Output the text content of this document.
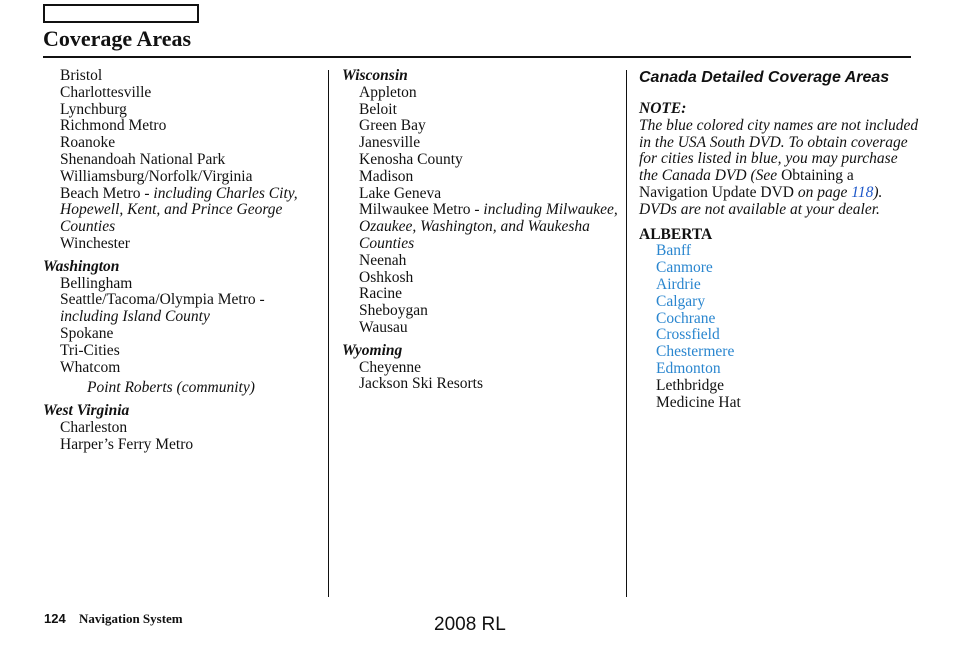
Coverage Areas
Bristol
Charlottesville
Lynchburg
Richmond Metro
Roanoke
Shenandoah National Park
Williamsburg/Norfolk/Virginia
Beach Metro - including Charles City, Hopewell, Kent, and Prince George Counties
Winchester
Washington
Bellingham
Seattle/Tacoma/Olympia Metro - including Island County
Spokane
Tri-Cities
Whatcom
Point Roberts (community)
West Virginia
Charleston
Harper’s Ferry Metro
Wisconsin
Appleton
Beloit
Green Bay
Janesville
Kenosha County
Madison
Lake Geneva
Milwaukee Metro - including Milwaukee, Ozaukee, Washington, and Waukesha Counties
Neenah
Oshkosh
Racine
Sheboygan
Wausau
Wyoming
Cheyenne
Jackson Ski Resorts
Canada Detailed Coverage Areas
NOTE:
The blue colored city names are not included in the USA South DVD. To obtain coverage for cities listed in blue, you may purchase the Canada DVD (See Obtaining a Navigation Update DVD on page 118). DVDs are not available at your dealer.
ALBERTA
Banff
Canmore
Airdrie
Calgary
Cochrane
Crossfield
Chestermere
Edmonton
Lethbridge
Medicine Hat
124 Navigation System	2008 RL
